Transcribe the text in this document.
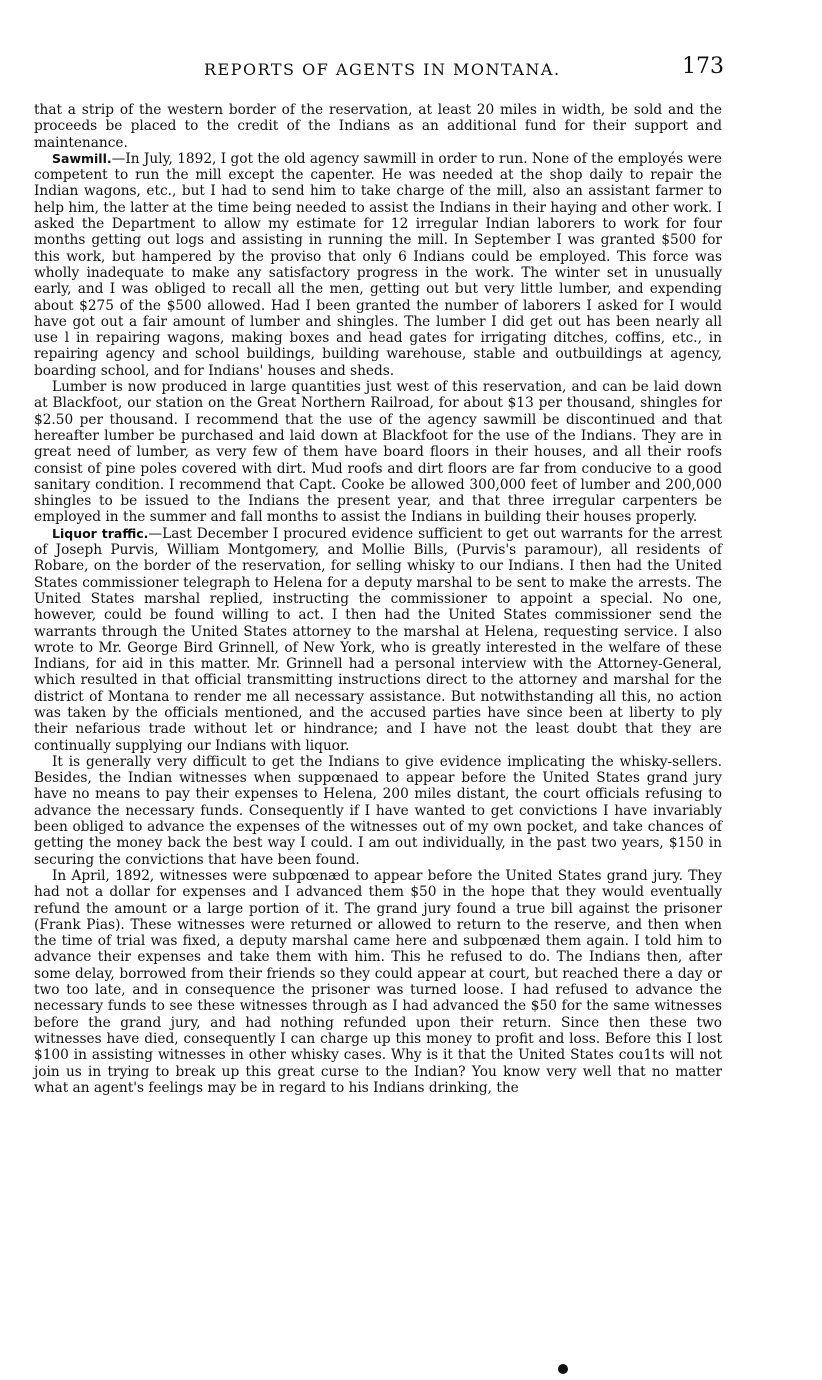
REPORTS OF AGENTS IN MONTANA.	173

that a strip of the western border of the reservation, at least 20 miles in width, be sold and the proceeds be placed to the credit of the Indians as an additional fund for their support and maintenance.

Sawmill.—In July, 1892, I got the old agency sawmill in order to run. None of the employés were competent to run the mill except the capenter. He was needed at the shop daily to repair the Indian wagons, etc., but I had to send him to take charge of the mill, also an assistant farmer to help him, the latter at the time being needed to assist the Indians in their haying and other work. I asked the Department to allow my estimate for 12 irregular Indian laborers to work for four months getting out logs and assisting in running the mill. In September I was granted $500 for this work, but hampered by the proviso that only 6 Indians could be employed. This force was wholly inadequate to make any satisfactory progress in the work. The winter set in unusually early, and I was obliged to recall all the men, getting out but very little lumber, and expending about $275 of the $500 allowed. Had I been granted the number of laborers I asked for I would have got out a fair amount of lumber and shingles. The lumber I did get out has been nearly all use l in repairing wagons, making boxes and head gates for irrigating ditches, coffins, etc., in repairing agency and school buildings, building warehouse, stable and outbuildings at agency, boarding school, and for Indians' houses and sheds.

Lumber is now produced in large quantities just west of this reservation, and can be laid down at Blackfoot, our station on the Great Northern Railroad, for about $13 per thousand, shingles for $2.50 per thousand. I recommend that the use of the agency sawmill be discontinued and that hereafter lumber be purchased and laid down at Blackfoot for the use of the Indians. They are in great need of lumber, as very few of them have board floors in their houses, and all their roofs consist of pine poles covered with dirt. Mud roofs and dirt floors are far from conducive to a good sanitary condition. I recommend that Capt. Cooke be allowed 300,000 feet of lumber and 200,000 shingles to be issued to the Indians the present year, and that three irregular carpenters be employed in the summer and fall months to assist the Indians in building their houses properly.

Liquor traffic.—Last December I procured evidence sufficient to get out warrants for the arrest of Joseph Purvis, William Montgomery, and Mollie Bills, (Purvis's paramour), all residents of Robare, on the border of the reservation, for selling whisky to our Indians. I then had the United States commissioner telegraph to Helena for a deputy marshal to be sent to make the arrests. The United States marshal replied, instructing the commissioner to appoint a special. No one, however, could be found willing to act. I then had the United States commissioner send the warrants through the United States attorney to the marshal at Helena, requesting service. I also wrote to Mr. George Bird Grinnell, of New York, who is greatly interested in the welfare of these Indians, for aid in this matter. Mr. Grinnell had a personal interview with the Attorney-General, which resulted in that official transmitting instructions direct to the attorney and marshal for the district of Montana to render me all necessary assistance. But notwithstanding all this, no action was taken by the officials mentioned, and the accused parties have since been at liberty to ply their nefarious trade without let or hindrance; and I have not the least doubt that they are continually supplying our Indians with liquor.

It is generally very difficult to get the Indians to give evidence implicating the whisky-sellers. Besides, the Indian witnesses when suppœnaed to appear before the United States grand jury have no means to pay their expenses to Helena, 200 miles distant, the court officials refusing to advance the necessary funds. Consequently if I have wanted to get convictions I have invariably been obliged to advance the expenses of the witnesses out of my own pocket, and take chances of getting the money back the best way I could. I am out individually, in the past two years, $150 in securing the convictions that have been found.

In April, 1892, witnesses were subpœnæd to appear before the United States grand jury. They had not a dollar for expenses and I advanced them $50 in the hope that they would eventually refund the amount or a large portion of it. The grand jury found a true bill against the prisoner (Frank Pias). These witnesses were returned or allowed to return to the reserve, and then when the time of trial was fixed, a deputy marshal came here and subpœnæd them again. I told him to advance their expenses and take them with him. This he refused to do. The Indians then, after some delay, borrowed from their friends so they could appear at court, but reached there a day or two too late, and in consequence the prisoner was turned loose. I had refused to advance the necessary funds to see these witnesses through as I had advanced the $50 for the same witnesses before the grand jury, and had nothing refunded upon their return. Since then these two witnesses have died, consequently I can charge up this money to profit and loss. Before this I lost $100 in assisting witnesses in other whisky cases. Why is it that the United States cou1ts will not join us in trying to break up this great curse to the Indian? You know very well that no matter what an agent's feelings may be in regard to his Indians drinking, the
